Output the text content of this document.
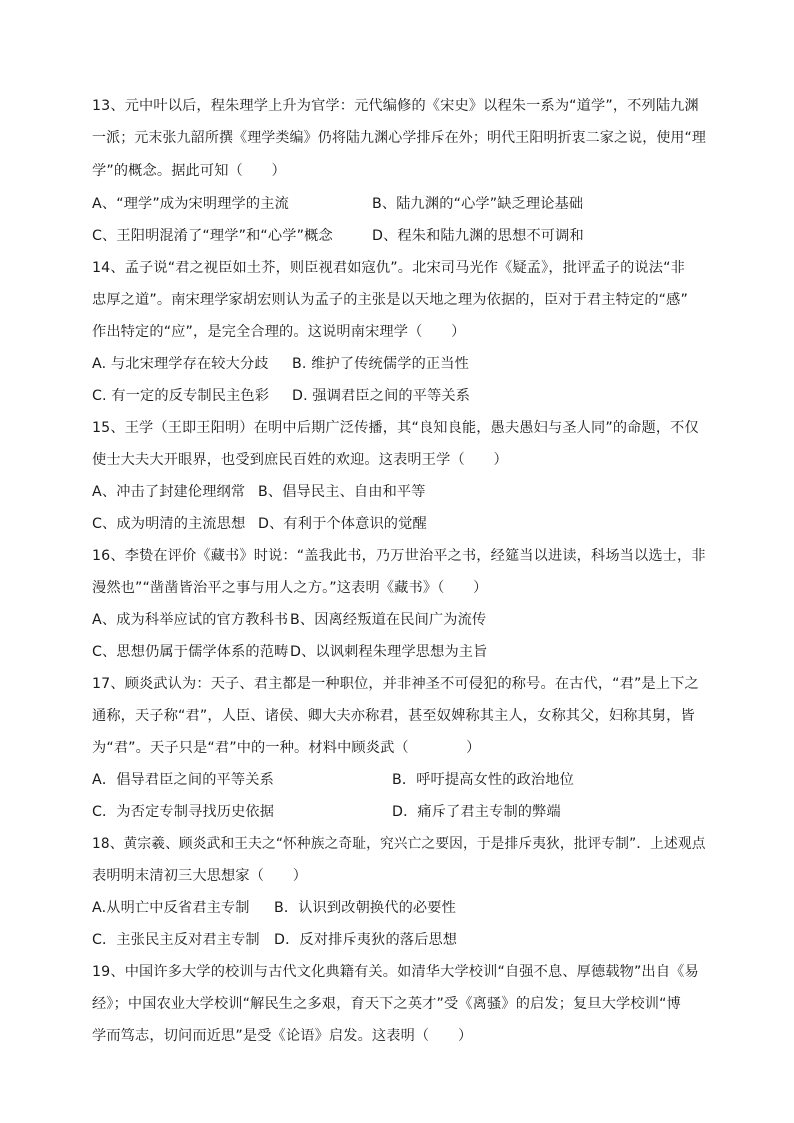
13、元中叶以后，程朱理学上升为官学：元代编修的《宋史》以程朱一系为“道学”，不列陆九渊
一派；元末张九韶所撰《理学类编》仍将陆九渊心学排斥在外；明代王阳明折衷二家之说，使用“理
学”的概念。据此可知（　　）
A、“理学”成为宋明理学的主流	B、陆九渊的“心学”缺乏理论基础
C、王阳明混淆了“理学”和“心学”概念	D、程朱和陆九渊的思想不可调和
14、孟子说“君之视臣如土芥，则臣视君如寇仇”。北宋司马光作《疑孟》，批评孟子的说法“非
忠厚之道”。南宋理学家胡宏则认为孟子的主张是以天地之理为依据的，臣对于君主特定的“感”
作出特定的“应”，是完全合理的。这说明南宋理学（　　）
A. 与北宋理学存在较大分歧 B. 维护了传统儒学的正当性
C. 有一定的反专制民主色彩 D. 强调君臣之间的平等关系
15、王学（王即王阳明）在明中后期广泛传播，其“良知良能，愚夫愚妇与圣人同”的命题，不仅
使士大夫大开眼界，也受到庶民百姓的欢迎。这表明王学（　　）
A、冲击了封建伦理纲常 B、倡导民主、自由和平等
C、成为明清的主流思想 D、有利于个体意识的觉醒
16、李贽在评价《藏书》时说：“盖我此书，乃万世治平之书，经筵当以进读，科场当以选士，非
漫然也”“凿凿皆治平之事与用人之方。”这表明《藏书》（　　）
A、成为科举应试的官方教科书 B、因离经叛道在民间广为流传
C、思想仍属于儒学体系的范畴 D、以讽刺程朱理学思想为主旨
17、顾炎武认为：天子、君主都是一种职位，并非神圣不可侵犯的称号。在古代，“君”是上下之
通称，天子称“君”，人臣、诸侯、卿大夫亦称君，甚至奴婢称其主人，女称其父，妇称其舅，皆
为“君”。天子只是“君”中的一种。材料中顾炎武（　　　　）
A．倡导君臣之间的平等关系	B．呼吁提高女性的政治地位
C．为否定专制寻找历史依据	D．痛斥了君主专制的弊端
18、黄宗羲、顾炎武和王夫之“怀种族之奇耻，究兴亡之要因，于是排斥夷狄，批评专制”．上述观点
表明明末清初三大思想家（　　）
A.从明亡中反省君主专制 B．认识到改朝换代的必要性
C．主张民主反对君主专制 D．反对排斥夷狄的落后思想
19、中国许多大学的校训与古代文化典籍有关。如清华大学校训“自强不息、厚德载物”出自《易
经》；中国农业大学校训“解民生之多艰，育天下之英才”受《离骚》的启发；复旦大学校训“博
学而笃志，切问而近思”是受《论语》启发。这表明（　　）
